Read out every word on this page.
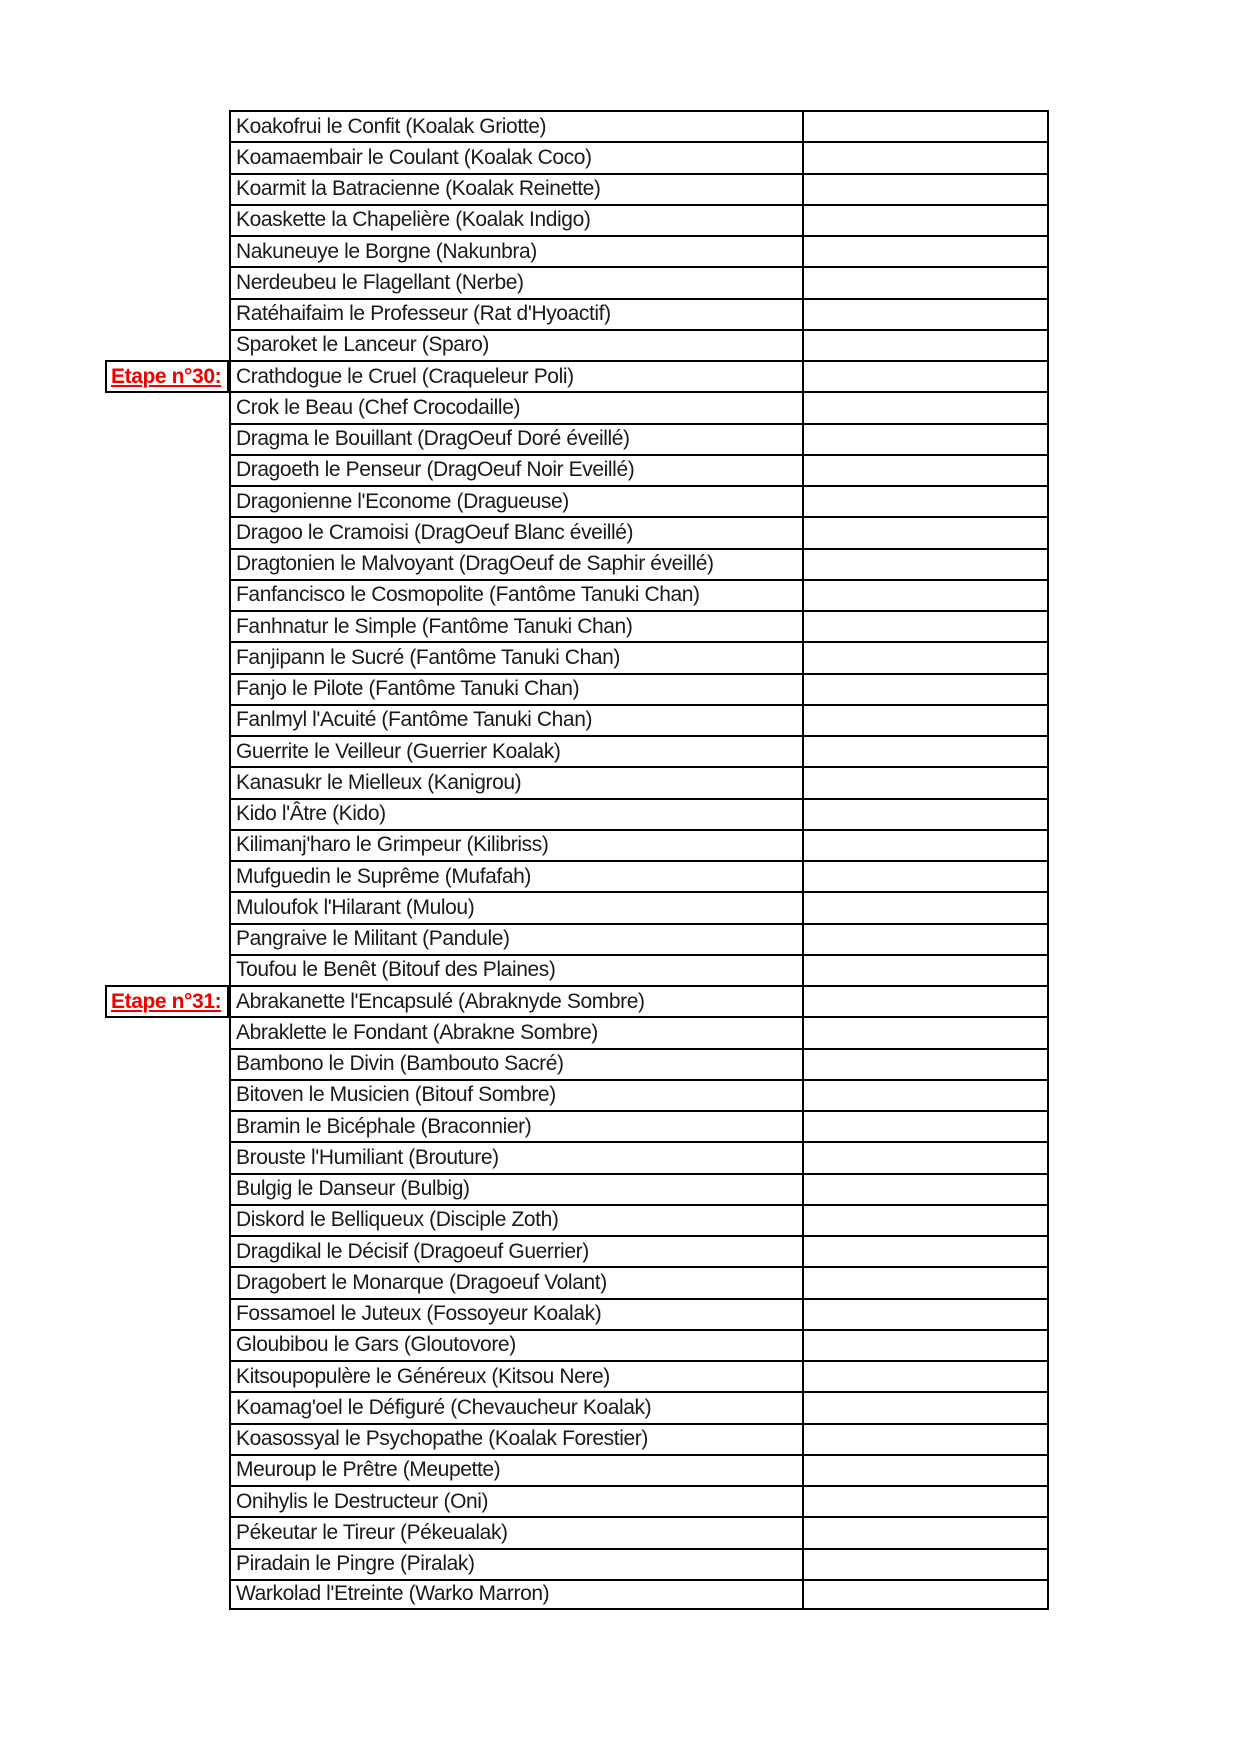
Koakofrui le Confit (Koalak Griotte)
Koamaembair le Coulant (Koalak Coco)
Koarmit la Batracienne (Koalak Reinette)
Koaskette la Chapelière (Koalak Indigo)
Nakuneuye le Borgne (Nakunbra)
Nerdeubeu le Flagellant (Nerbe)
Ratéhaifaim le Professeur (Rat d'Hyoactif)
Sparoket le Lanceur (Sparo)
Etape n°30: Crathdogue le Cruel (Craqueleur Poli)
Crok le Beau (Chef Crocodaille)
Dragma le Bouillant (DragOeuf Doré éveillé)
Dragoeth le Penseur (DragOeuf Noir Eveillé)
Dragonienne l'Econome (Dragueuse)
Dragoo le Cramoisi (DragOeuf Blanc éveillé)
Dragtonien le Malvoyant (DragOeuf de Saphir éveillé)
Fanfancisco le Cosmopolite (Fantôme Tanuki Chan)
Fanhnatur le Simple (Fantôme Tanuki Chan)
Fanjipann le Sucré (Fantôme Tanuki Chan)
Fanjo le Pilote (Fantôme Tanuki Chan)
Fanlmyl l'Acuité (Fantôme Tanuki Chan)
Guerrite le Veilleur (Guerrier Koalak)
Kanasukr le Mielleux (Kanigrou)
Kido l'Âtre (Kido)
Kilimanj'haro le Grimpeur (Kilibriss)
Mufguedin le Suprême (Mufafah)
Muloufok l'Hilarant (Mulou)
Pangraive le Militant (Pandule)
Toufou le Benêt (Bitouf des Plaines)
Etape n°31: Abrakanette l'Encapsulé (Abraknyde Sombre)
Abraklette le Fondant (Abrakne Sombre)
Bambono le Divin (Bambouto Sacré)
Bitoven le Musicien (Bitouf Sombre)
Bramin le Bicéphale (Braconnier)
Brouste l'Humiliant (Brouture)
Bulgig le Danseur (Bulbig)
Diskord le Belliqueux (Disciple Zoth)
Dragdikal le Décisif (Dragoeuf Guerrier)
Dragobert le Monarque (Dragoeuf Volant)
Fossamoel le Juteux (Fossoyeur Koalak)
Gloubibou le Gars (Gloutovore)
Kitsoupopulère le Généreux (Kitsou Nere)
Koamag'oel le Défiguré (Chevaucheur Koalak)
Koasossyal le Psychopathe (Koalak Forestier)
Meuroup le Prêtre (Meupette)
Onihylis le Destructeur (Oni)
Pékeutar le Tireur (Pékeualak)
Piradain le Pingre (Piralak)
Warkolad l'Etreinte (Warko Marron)
